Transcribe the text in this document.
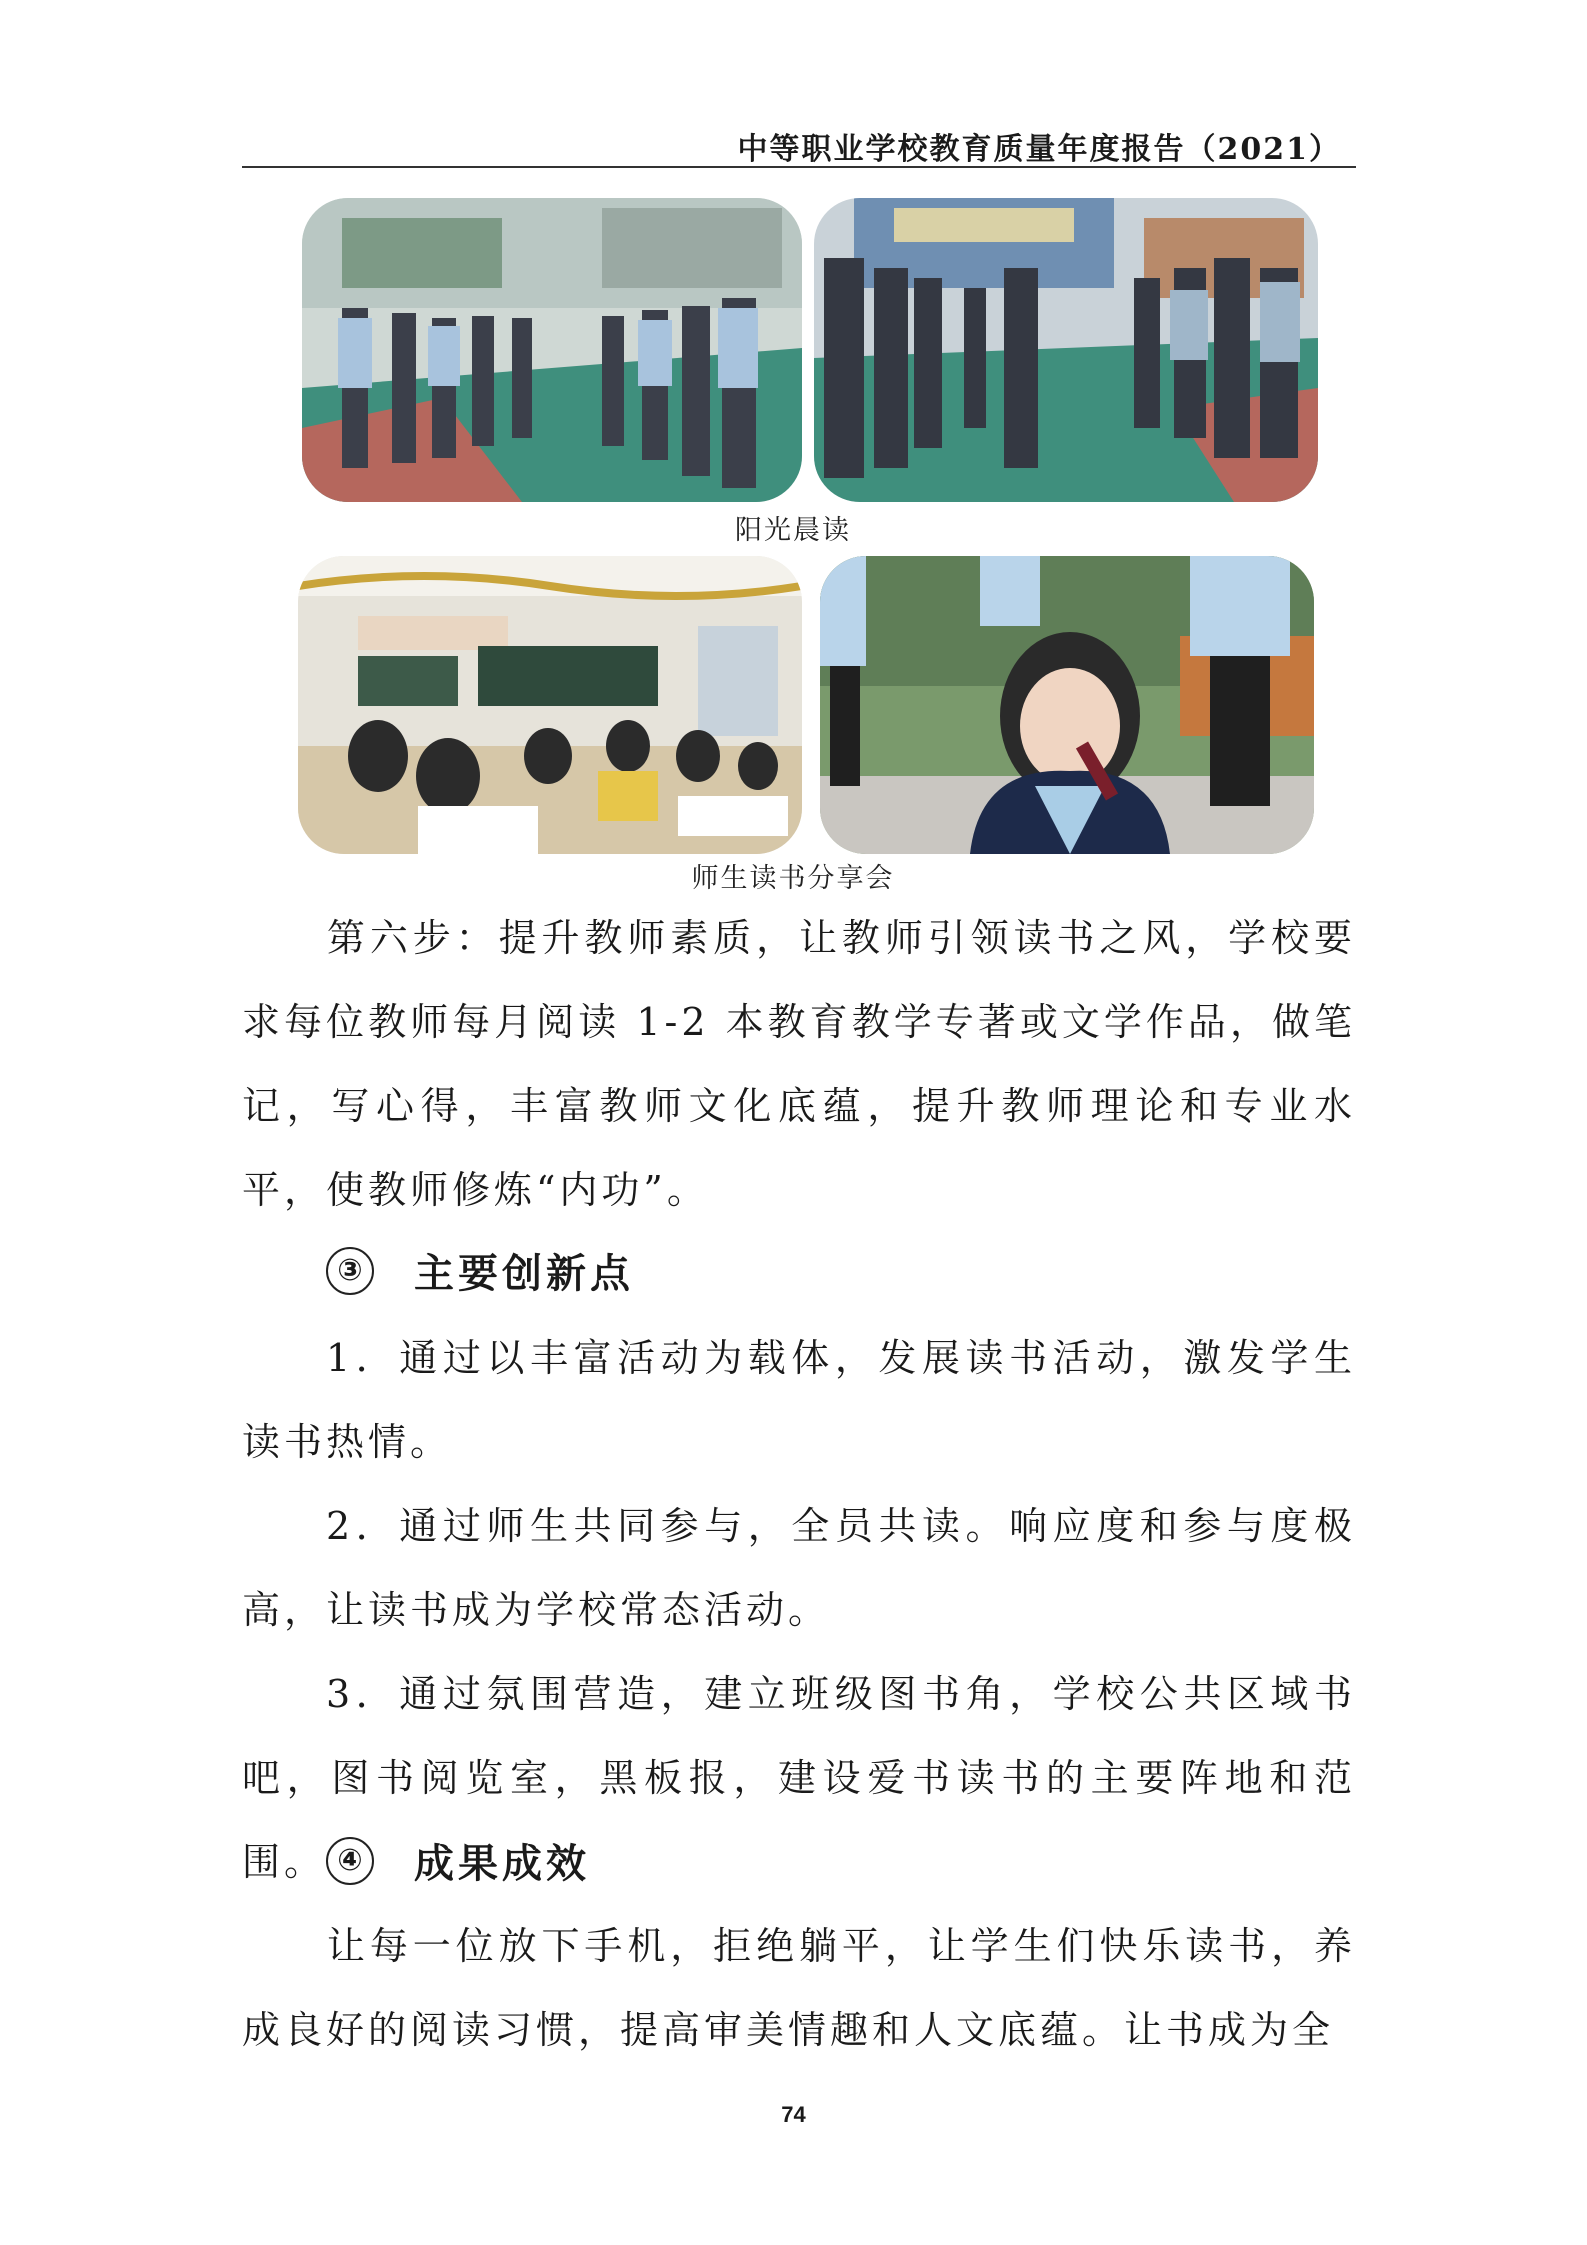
中等职业学校教育质量年度报告（2021）
阳光晨读
师生读书分享会

第六步：提升教师素质，让教师引领读书之风，学校要求每位教师每月阅读 1-2 本教育教学专著或文学作品，做笔记，写心得，丰富教师文化底蕴，提升教师理论和专业水平，使教师修炼“内功”。

③ 主要创新点

1．通过以丰富活动为载体，发展读书活动，激发学生读书热情。

2．通过师生共同参与，全员共读。响应度和参与度极高，让读书成为学校常态活动。

3．通过氛围营造，建立班级图书角，学校公共区域书吧，图书阅览室，黑板报，建设爱书读书的主要阵地和范围。 ④ 成果成效

让每一位放下手机，拒绝躺平，让学生们快乐读书，养成良好的阅读习惯，提高审美情趣和人文底蕴。让书成为全

74
